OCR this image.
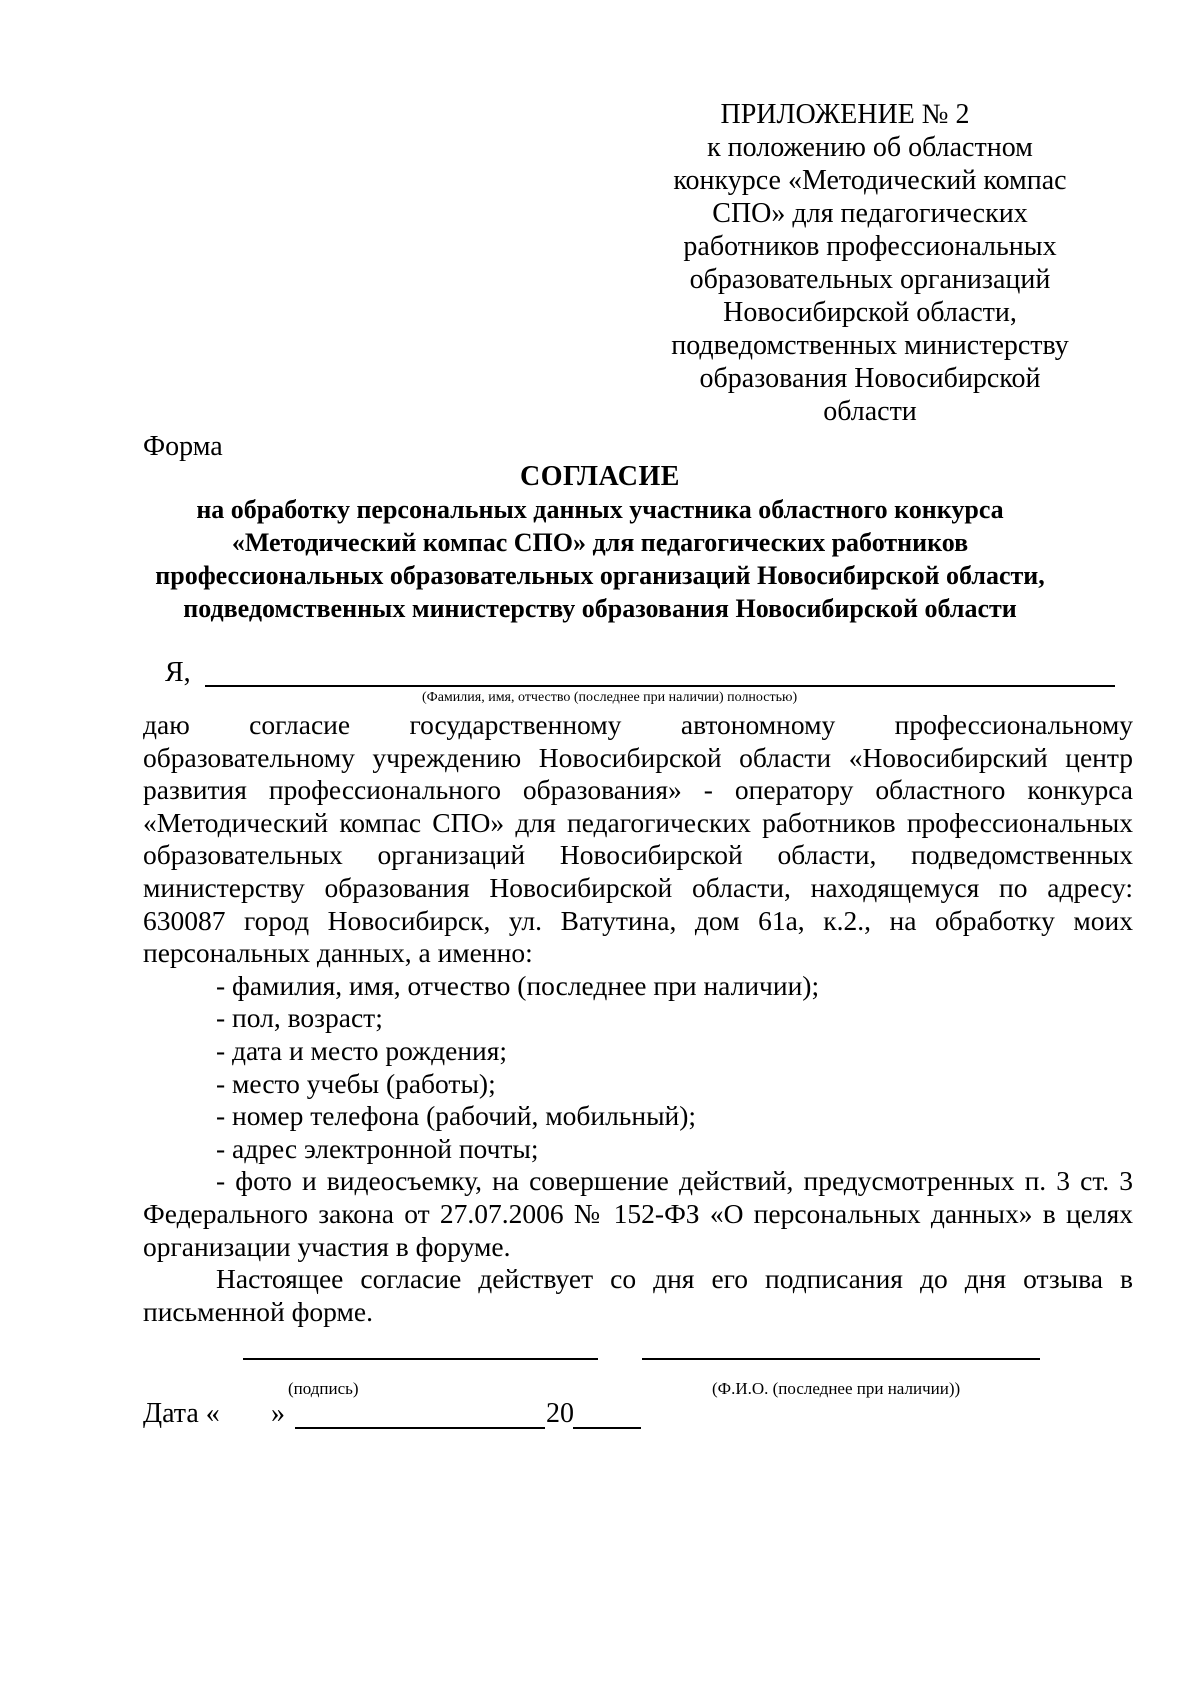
ПРИЛОЖЕНИЕ № 2
к положению об областном
конкурсе «Методический компас
СПО» для педагогических
работников профессиональных
образовательных организаций
Новосибирской области,
подведомственных министерству
образования Новосибирской
области
Форма
СОГЛАСИЕ
на обработку персональных данных участника областного конкурса
«Методический компас СПО» для педагогических работников
профессиональных образовательных организаций Новосибирской области,
подведомственных министерству образования Новосибирской области
Я,
(Фамилия, имя, отчество (последнее при наличии) полностью)

даю согласие государственному автономному профессиональному образовательному учреждению Новосибирской области «Новосибирский центр развития профессионального образования» - оператору областного конкурса «Методический компас СПО» для педагогических работников профессиональных образовательных организаций Новосибирской области, подведомственных министерству образования Новосибирской области, находящемуся по адресу: 630087 город Новосибирск, ул. Ватутина, дом 61а, к.2., на обработку моих персональных данных, а именно:

- фамилия, имя, отчество (последнее при наличии);
- пол, возраст;
- дата и место рождения;
- место учебы (работы);
- номер телефона (рабочий, мобильный);
- адрес электронной почты;

- фото и видеосъемку, на совершение действий, предусмотренных п. 3 ст. 3 Федерального закона от 27.07.2006 № 152-ФЗ «О персональных данных» в целях организации участия в форуме.

Настоящее согласие действует со дня его подписания до дня отзыва в письменной форме.

(подпись)	(Ф.И.О. (последнее при наличии))
Дата « »	20
